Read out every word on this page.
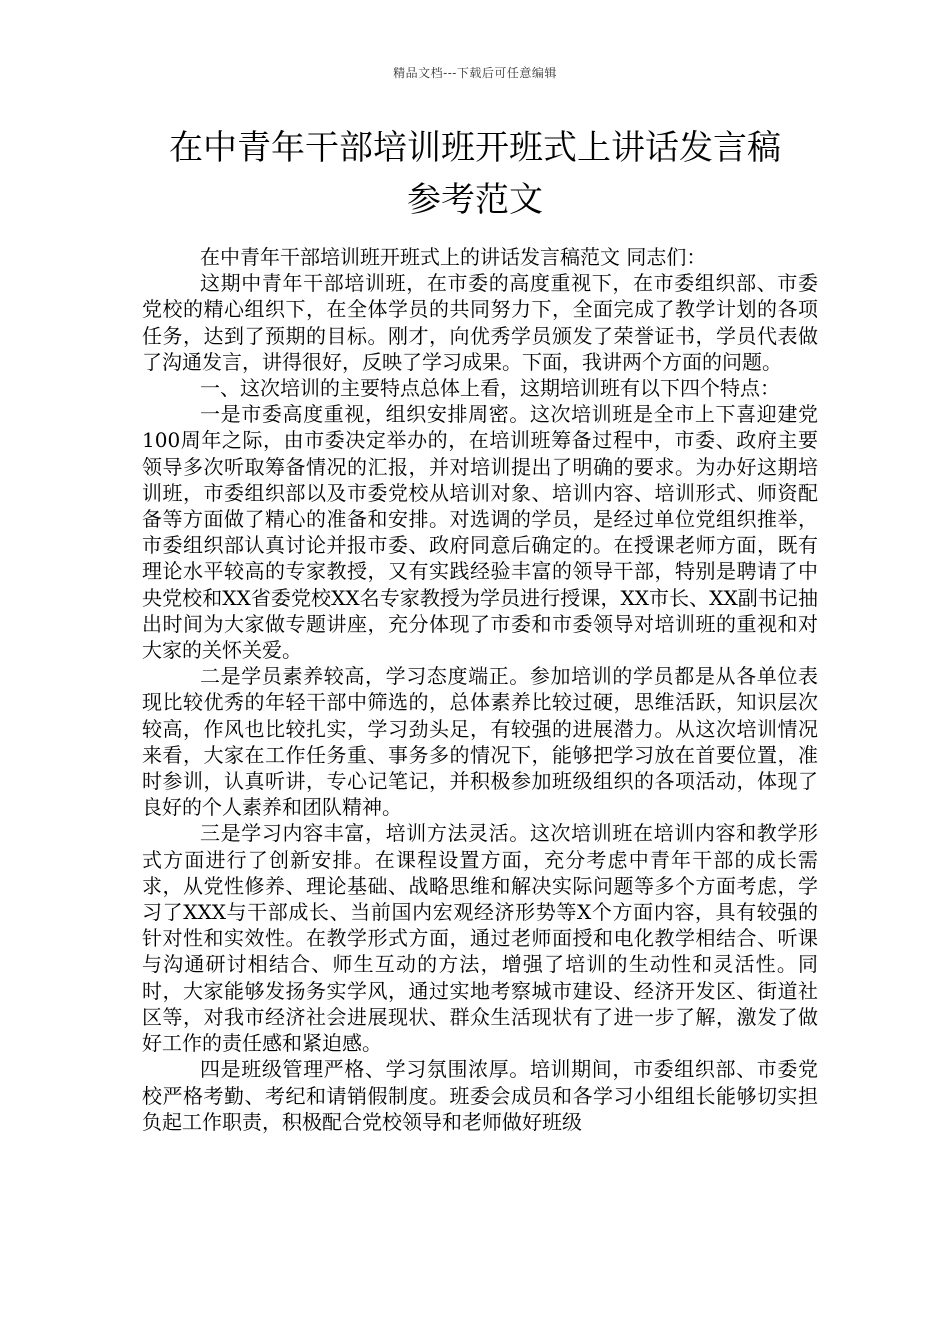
精品文档---下载后可任意编辑
在中青年干部培训班开班式上讲话发言稿
参考范文

在中青年干部培训班开班式上的讲话发言稿范文 同志们：

这期中青年干部培训班，在市委的高度重视下，在市委组织部、市委党校的精心组织下，在全体学员的共同努力下，全面完成了教学计划的各项任务，达到了预期的目标。刚才，向优秀学员颁发了荣誉证书，学员代表做了沟通发言，讲得很好，反映了学习成果。下面，我讲两个方面的问题。

一、这次培训的主要特点总体上看，这期培训班有以下四个特点：

一是市委高度重视，组织安排周密。这次培训班是全市上下喜迎建党100周年之际，由市委决定举办的，在培训班筹备过程中，市委、政府主要领导多次听取筹备情况的汇报，并对培训提出了明确的要求。为办好这期培训班，市委组织部以及市委党校从培训对象、培训内容、培训形式、师资配备等方面做了精心的准备和安排。对选调的学员，是经过单位党组织推举，市委组织部认真讨论并报市委、政府同意后确定的。在授课老师方面，既有理论水平较高的专家教授，又有实践经验丰富的领导干部，特别是聘请了中央党校和XX省委党校XX名专家教授为学员进行授课，XX市长、XX副书记抽出时间为大家做专题讲座，充分体现了市委和市委领导对培训班的重视和对大家的关怀关爱。

二是学员素养较高，学习态度端正。参加培训的学员都是从各单位表现比较优秀的年轻干部中筛选的，总体素养比较过硬，思维活跃，知识层次较高，作风也比较扎实，学习劲头足，有较强的进展潜力。从这次培训情况来看，大家在工作任务重、事务多的情况下，能够把学习放在首要位置，准时参训，认真听讲，专心记笔记，并积极参加班级组织的各项活动，体现了良好的个人素养和团队精神。

三是学习内容丰富，培训方法灵活。这次培训班在培训内容和教学形式方面进行了创新安排。在课程设置方面，充分考虑中青年干部的成长需求，从党性修养、理论基础、战略思维和解决实际问题等多个方面考虑，学习了XXX与干部成长、当前国内宏观经济形势等X个方面内容，具有较强的针对性和实效性。在教学形式方面，通过老师面授和电化教学相结合、听课与沟通研讨相结合、师生互动的方法，增强了培训的生动性和灵活性。同时，大家能够发扬务实学风，通过实地考察城市建设、经济开发区、街道社区等，对我市经济社会进展现状、群众生活现状有了进一步了解，激发了做好工作的责任感和紧迫感。

四是班级管理严格、学习氛围浓厚。培训期间，市委组织部、市委党校严格考勤、考纪和请销假制度。班委会成员和各学习小组组长能够切实担负起工作职责，积极配合党校领导和老师做好班级
